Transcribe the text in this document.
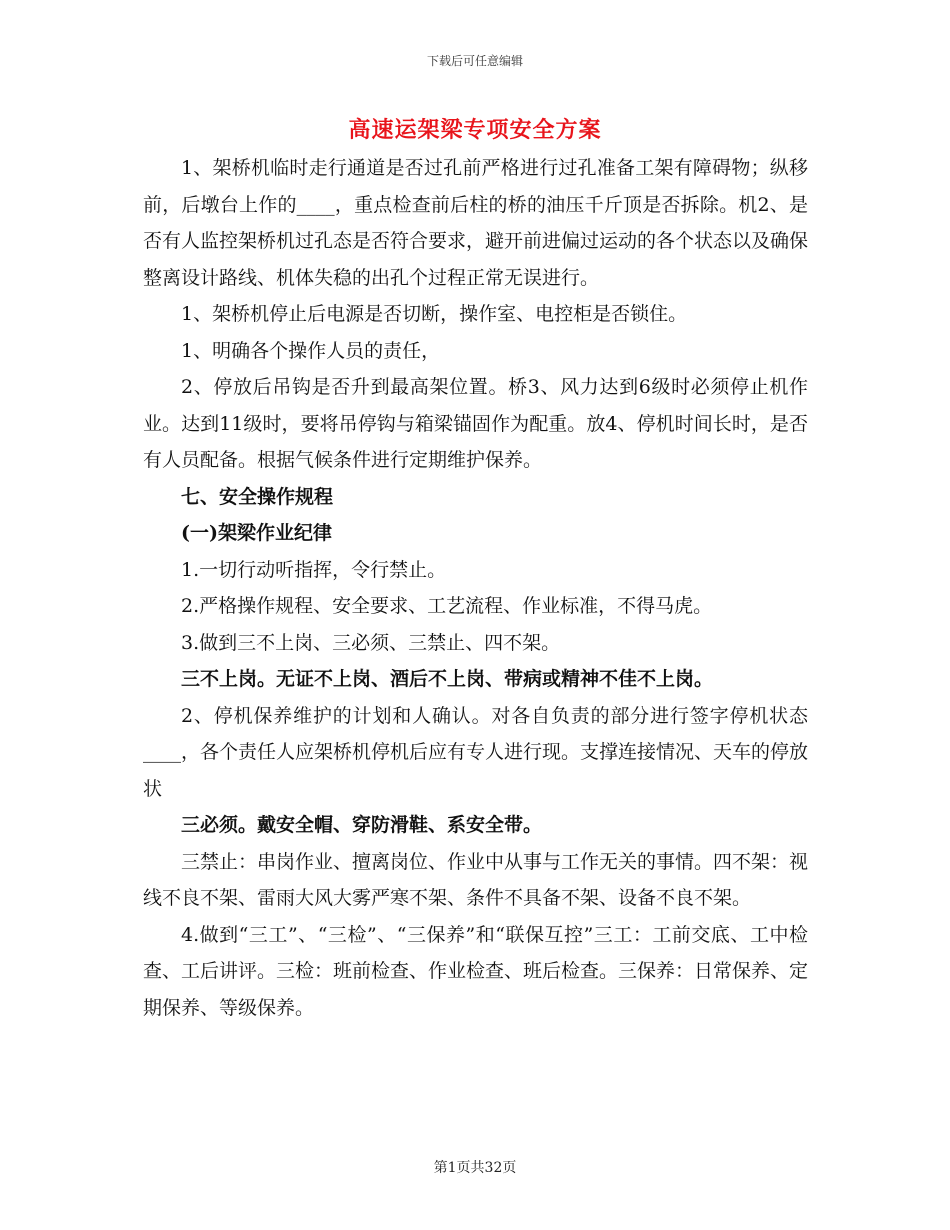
下载后可任意编辑
高速运架梁专项安全方案

1、架桥机临时走行通道是否过孔前严格进行过孔准备工架有障碍物；纵移前，后墩台上作的____，重点检查前后柱的桥的油压千斤顶是否拆除。机2、是否有人监控架桥机过孔态是否符合要求，避开前进偏过运动的各个状态以及确保整离设计路线、机体失稳的出孔个过程正常无误进行。

1、架桥机停止后电源是否切断，操作室、电控柜是否锁住。

1、明确各个操作人员的责任，

2、停放后吊钩是否升到最高架位置。桥3、风力达到6级时必须停止机作业。达到11级时，要将吊停钩与箱梁锚固作为配重。放4、停机时间长时，是否有人员配备。根据气候条件进行定期维护保养。

七、安全操作规程

(一)架梁作业纪律

1.一切行动听指挥，令行禁止。

2.严格操作规程、安全要求、工艺流程、作业标准，不得马虎。

3.做到三不上岗、三必须、三禁止、四不架。

三不上岗。无证不上岗、酒后不上岗、带病或精神不佳不上岗。

2、停机保养维护的计划和人确认。对各自负责的部分进行签字停机状态____，各个责任人应架桥机停机后应有专人进行现。支撑连接情况、天车的停放状

三必须。戴安全帽、穿防滑鞋、系安全带。

三禁止：串岗作业、擅离岗位、作业中从事与工作无关的事情。四不架：视线不良不架、雷雨大风大雾严寒不架、条件不具备不架、设备不良不架。

4.做到“三工”、“三检”、“三保养”和“联保互控”三工：工前交底、工中检查、工后讲评。三检：班前检查、作业检查、班后检查。三保养：日常保养、定期保养、等级保养。

第1页共32页
